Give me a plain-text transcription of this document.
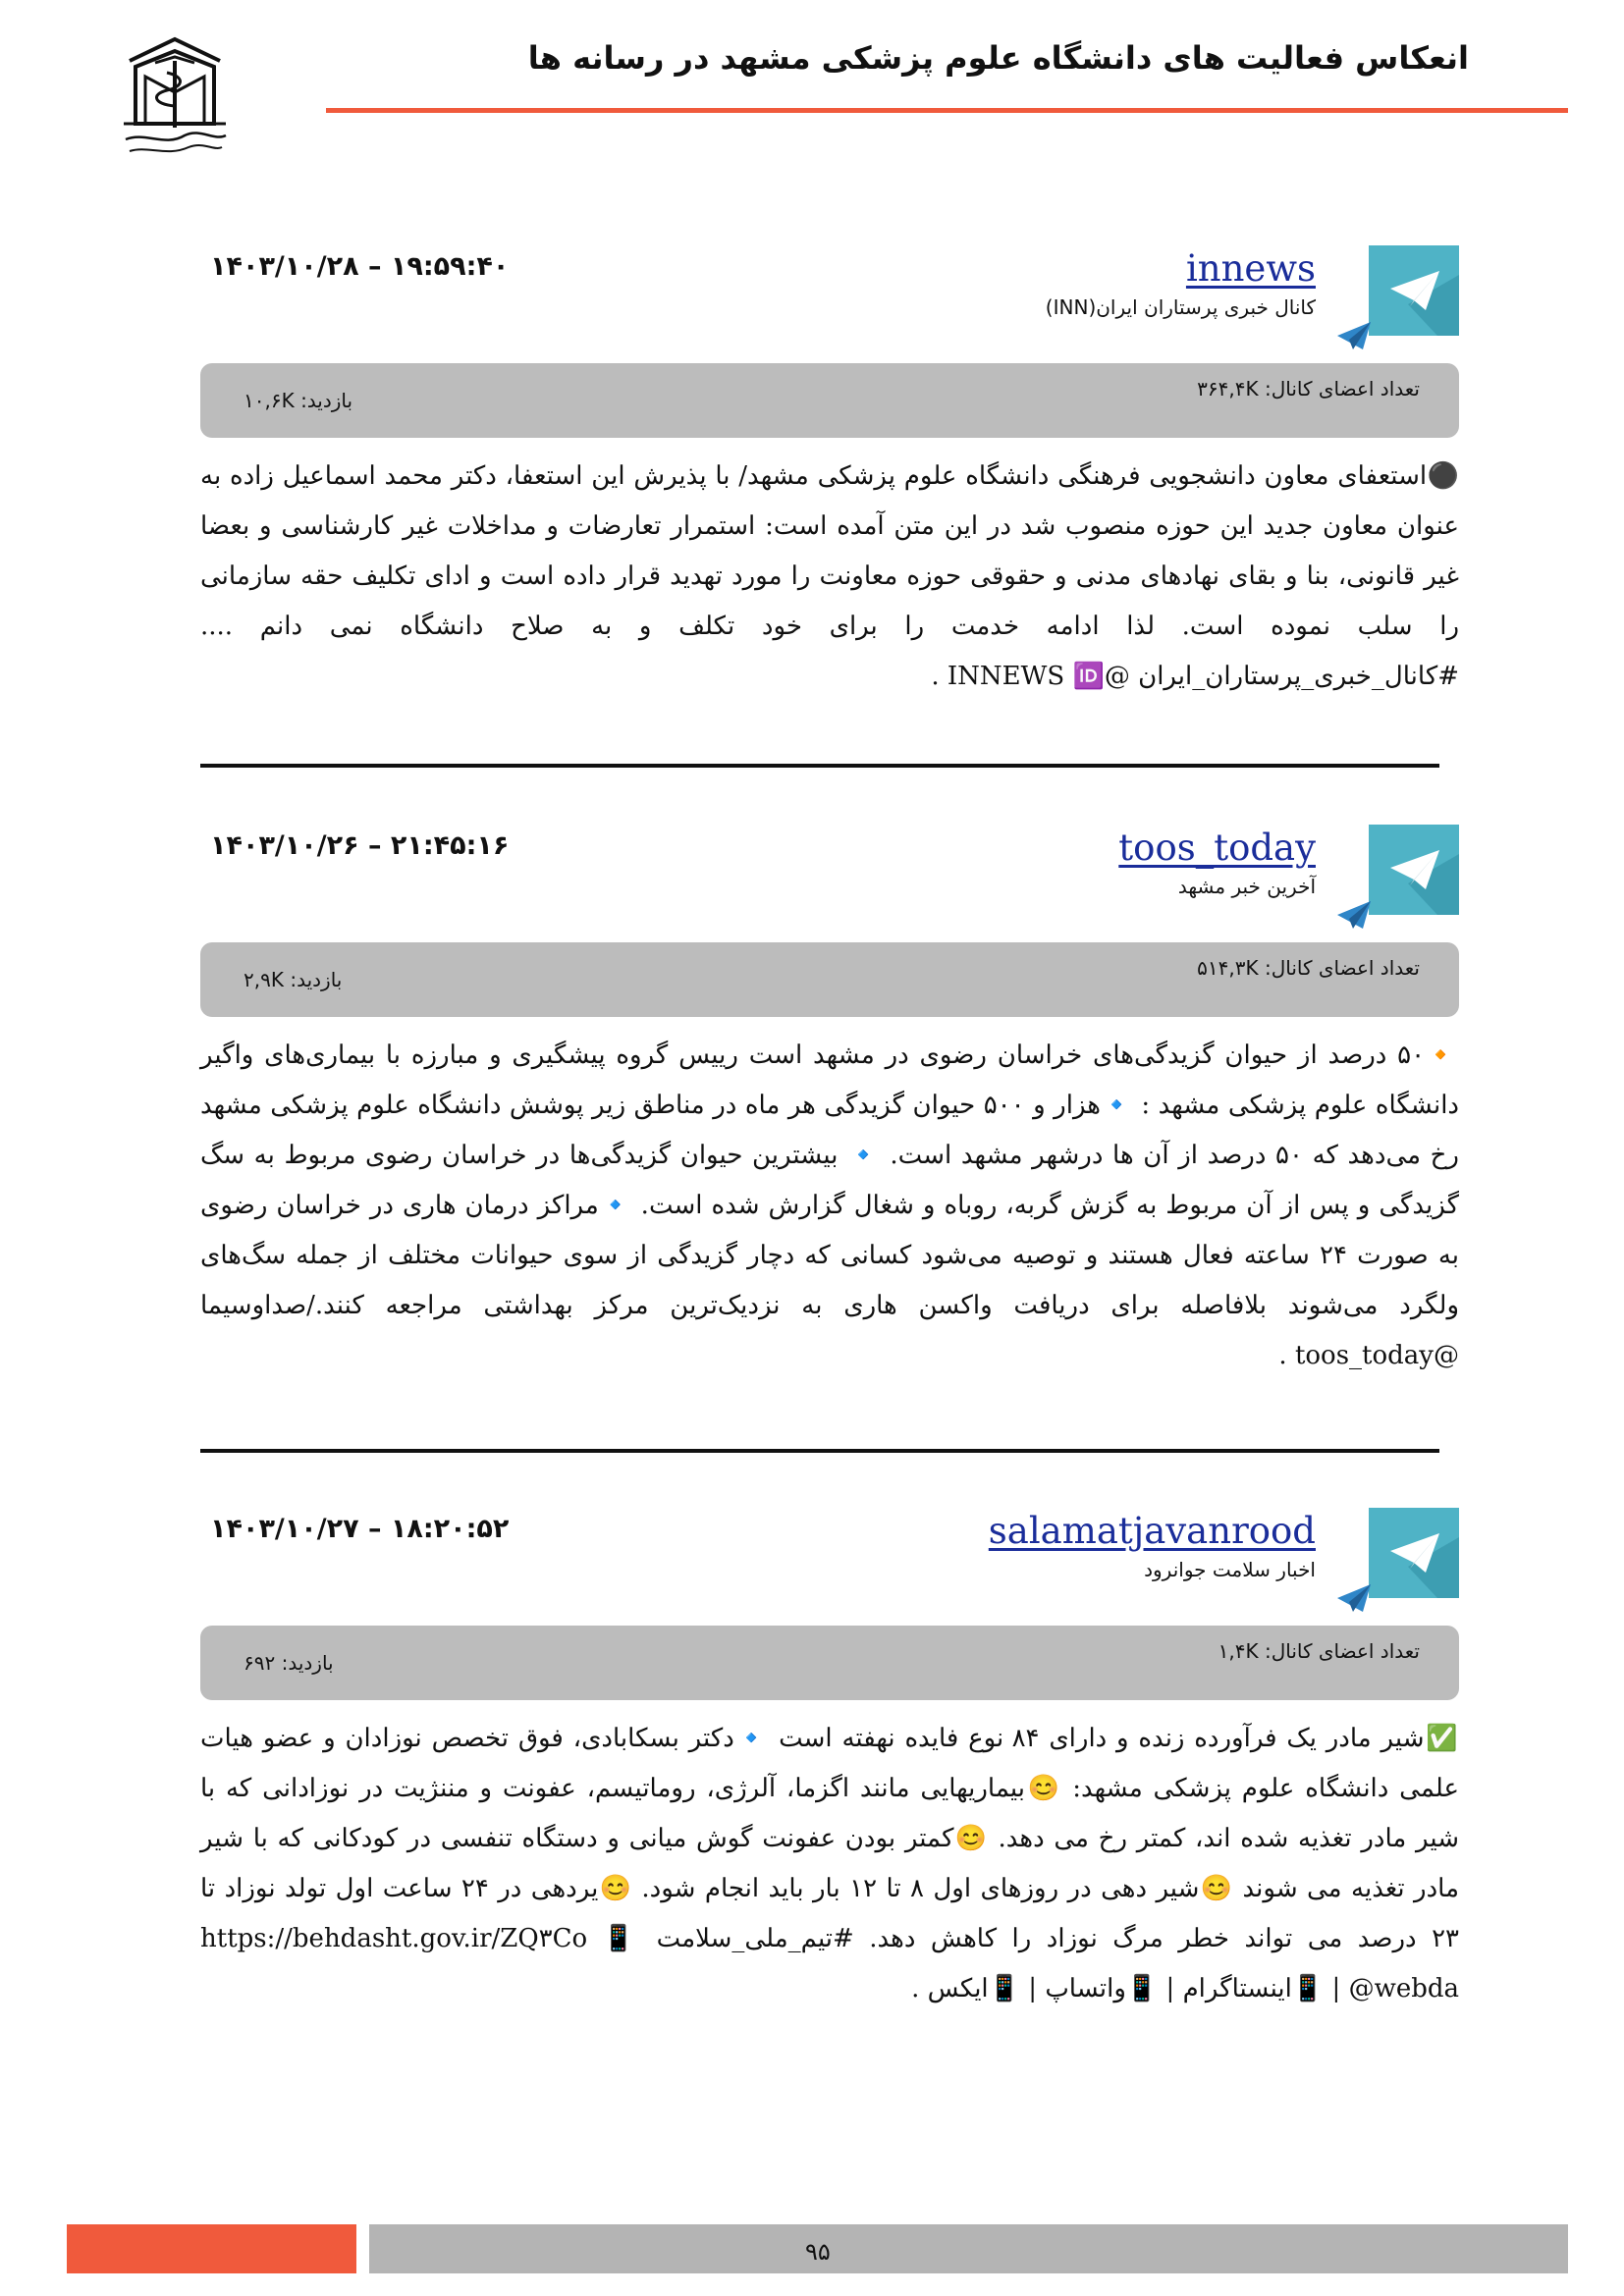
انعکاس فعالیت های دانشگاه علوم پزشکی مشهد در رسانه ها
innews
کانال خبری پرستاران ایران(INN)
۱۴۰۳/۱۰/۲۸ – ۱۹:۵۹:۴۰
تعداد اعضای کانال: ۳۶۴,۴K
بازدید: ۱۰,۶K
⚫استعفای معاون دانشجویی فرهنگی دانشگاه علوم پزشکی مشهد/ با پذیرش این استعفا، دکتر محمد اسماعیل زاده به عنوان معاون جدید این حوزه منصوب شد در این متن آمده است: استمرار تعارضات و مداخلات غیر کارشناسی و بعضا غیر قانونی، بنا و بقای نهادهای مدنی و حقوقی حوزه معاونت را مورد تهدید قرار داده است و ادای تکلیف حقه سازمانی را سلب نموده است. لذا ادامه خدمت را برای خود تکلف و به صلاح دانشگاه نمی دانم .... #کانال_خبری_پرستاران_ایران @INNEWS 🆔 .
toos_today
آخرین خبر مشهد
۱۴۰۳/۱۰/۲۶ – ۲۱:۴۵:۱۶
تعداد اعضای کانال: ۵۱۴,۳K
بازدید: ۲,۹K
🔸۵۰ درصد از حیوان گزیدگی‌های خراسان رضوی در مشهد است رییس گروه پیشگیری و مبارزه با بیماری‌های واگیر دانشگاه علوم پزشکی مشهد : 🔹هزار و ۵۰۰ حیوان گزیدگی هر ماه در مناطق زیر پوشش دانشگاه علوم پزشکی مشهد رخ می‌دهد که ۵۰ درصد از آن ها درشهر مشهد است. 🔹 بیشترین حیوان گزیدگی‌ها در خراسان رضوی مربوط به سگ گزیدگی و پس از آن مربوط به گزش گربه، روباه و شغال گزارش شده است. 🔹مراکز درمان هاری در خراسان رضوی به صورت ۲۴ ساعته فعال هستند و توصیه می‌شود کسانی که دچار گزیدگی از سوی حیوانات مختلف از جمله سگ‌های ولگرد می‌شوند بلافاصله برای دریافت واکسن هاری به نزدیک‌ترین مرکز بهداشتی مراجعه کنند./صداوسیما @toos_today .
salamatjavanrood
اخبار سلامت جوانرود
۱۴۰۳/۱۰/۲۷ – ۱۸:۲۰:۵۲
تعداد اعضای کانال: ۱,۴K
بازدید: ۶۹۲
✅شیر مادر یک فرآورده زنده و دارای ۸۴ نوع فایده نهفته است 🔹دکتر بسکابادی، فوق تخصص نوزادان و عضو هیات علمی دانشگاه علوم پزشکی مشهد: 😊بیماریهایی مانند اگزما، آلرژی، روماتیسم، عفونت و مننژیت در نوزادانی که با شیر مادر تغذیه شده اند، کمتر رخ می دهد. 😊کمتر بودن عفونت گوش میانی و دستگاه تنفسی در کودکانی که با شیر مادر تغذیه می شوند 😊شیر دهی در روزهای اول ۸ تا ۱۲ بار باید انجام شود. 😊یردهی در ۲۴ ساعت اول تولد نوزاد تا ۲۳ درصد می تواند خطر مرگ نوزاد را کاهش دهد. #تیم_ملی_سلامت https://behdasht.gov.ir/ZQ۳Co 📱@webda | 📱اینستاگرام | 📱واتساپ | 📱ایکس .
۹۵
